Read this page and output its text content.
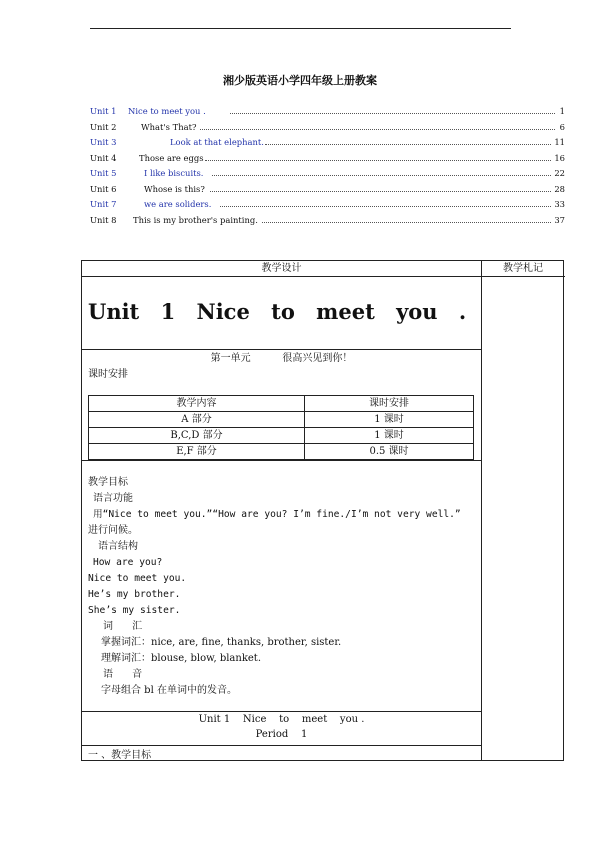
湘少版英语小学四年级上册教案
Unit 1 Nice to meet you .	1
Unit 2	What's That?	6
Unit 3	Look at that elephant.	11
Unit 4	Those are eggs	16
Unit 5	I like biscuits.	22
Unit 6	Whose is this?	28
Unit 7	we are soliders.	33
Unit 8 This is my brother's painting.	37
教学设计	教学札记
Unit 1 Nice to meet you .
第一单元          很高兴见到你！
课时安排
教学内容	课时安排
A 部分	1 课时
B,C,D 部分	1 课时
E,F 部分	0.5 课时
教学目标
语言功能
用“Nice to meet you.”“How are you? I’m fine./I’m not very well.”
进行问候。
语言结构
How are you?
Nice to meet you.
He’s my brother.
She’s my sister.
词      汇
掌握词汇：nice, are, fine, thanks, brother, sister.
理解词汇：blouse, blow, blanket.
语      音
字母组合 bl 在单词中的发音。
Unit 1    Nice    to    meet    you .
Period    1
一 、教学目标
